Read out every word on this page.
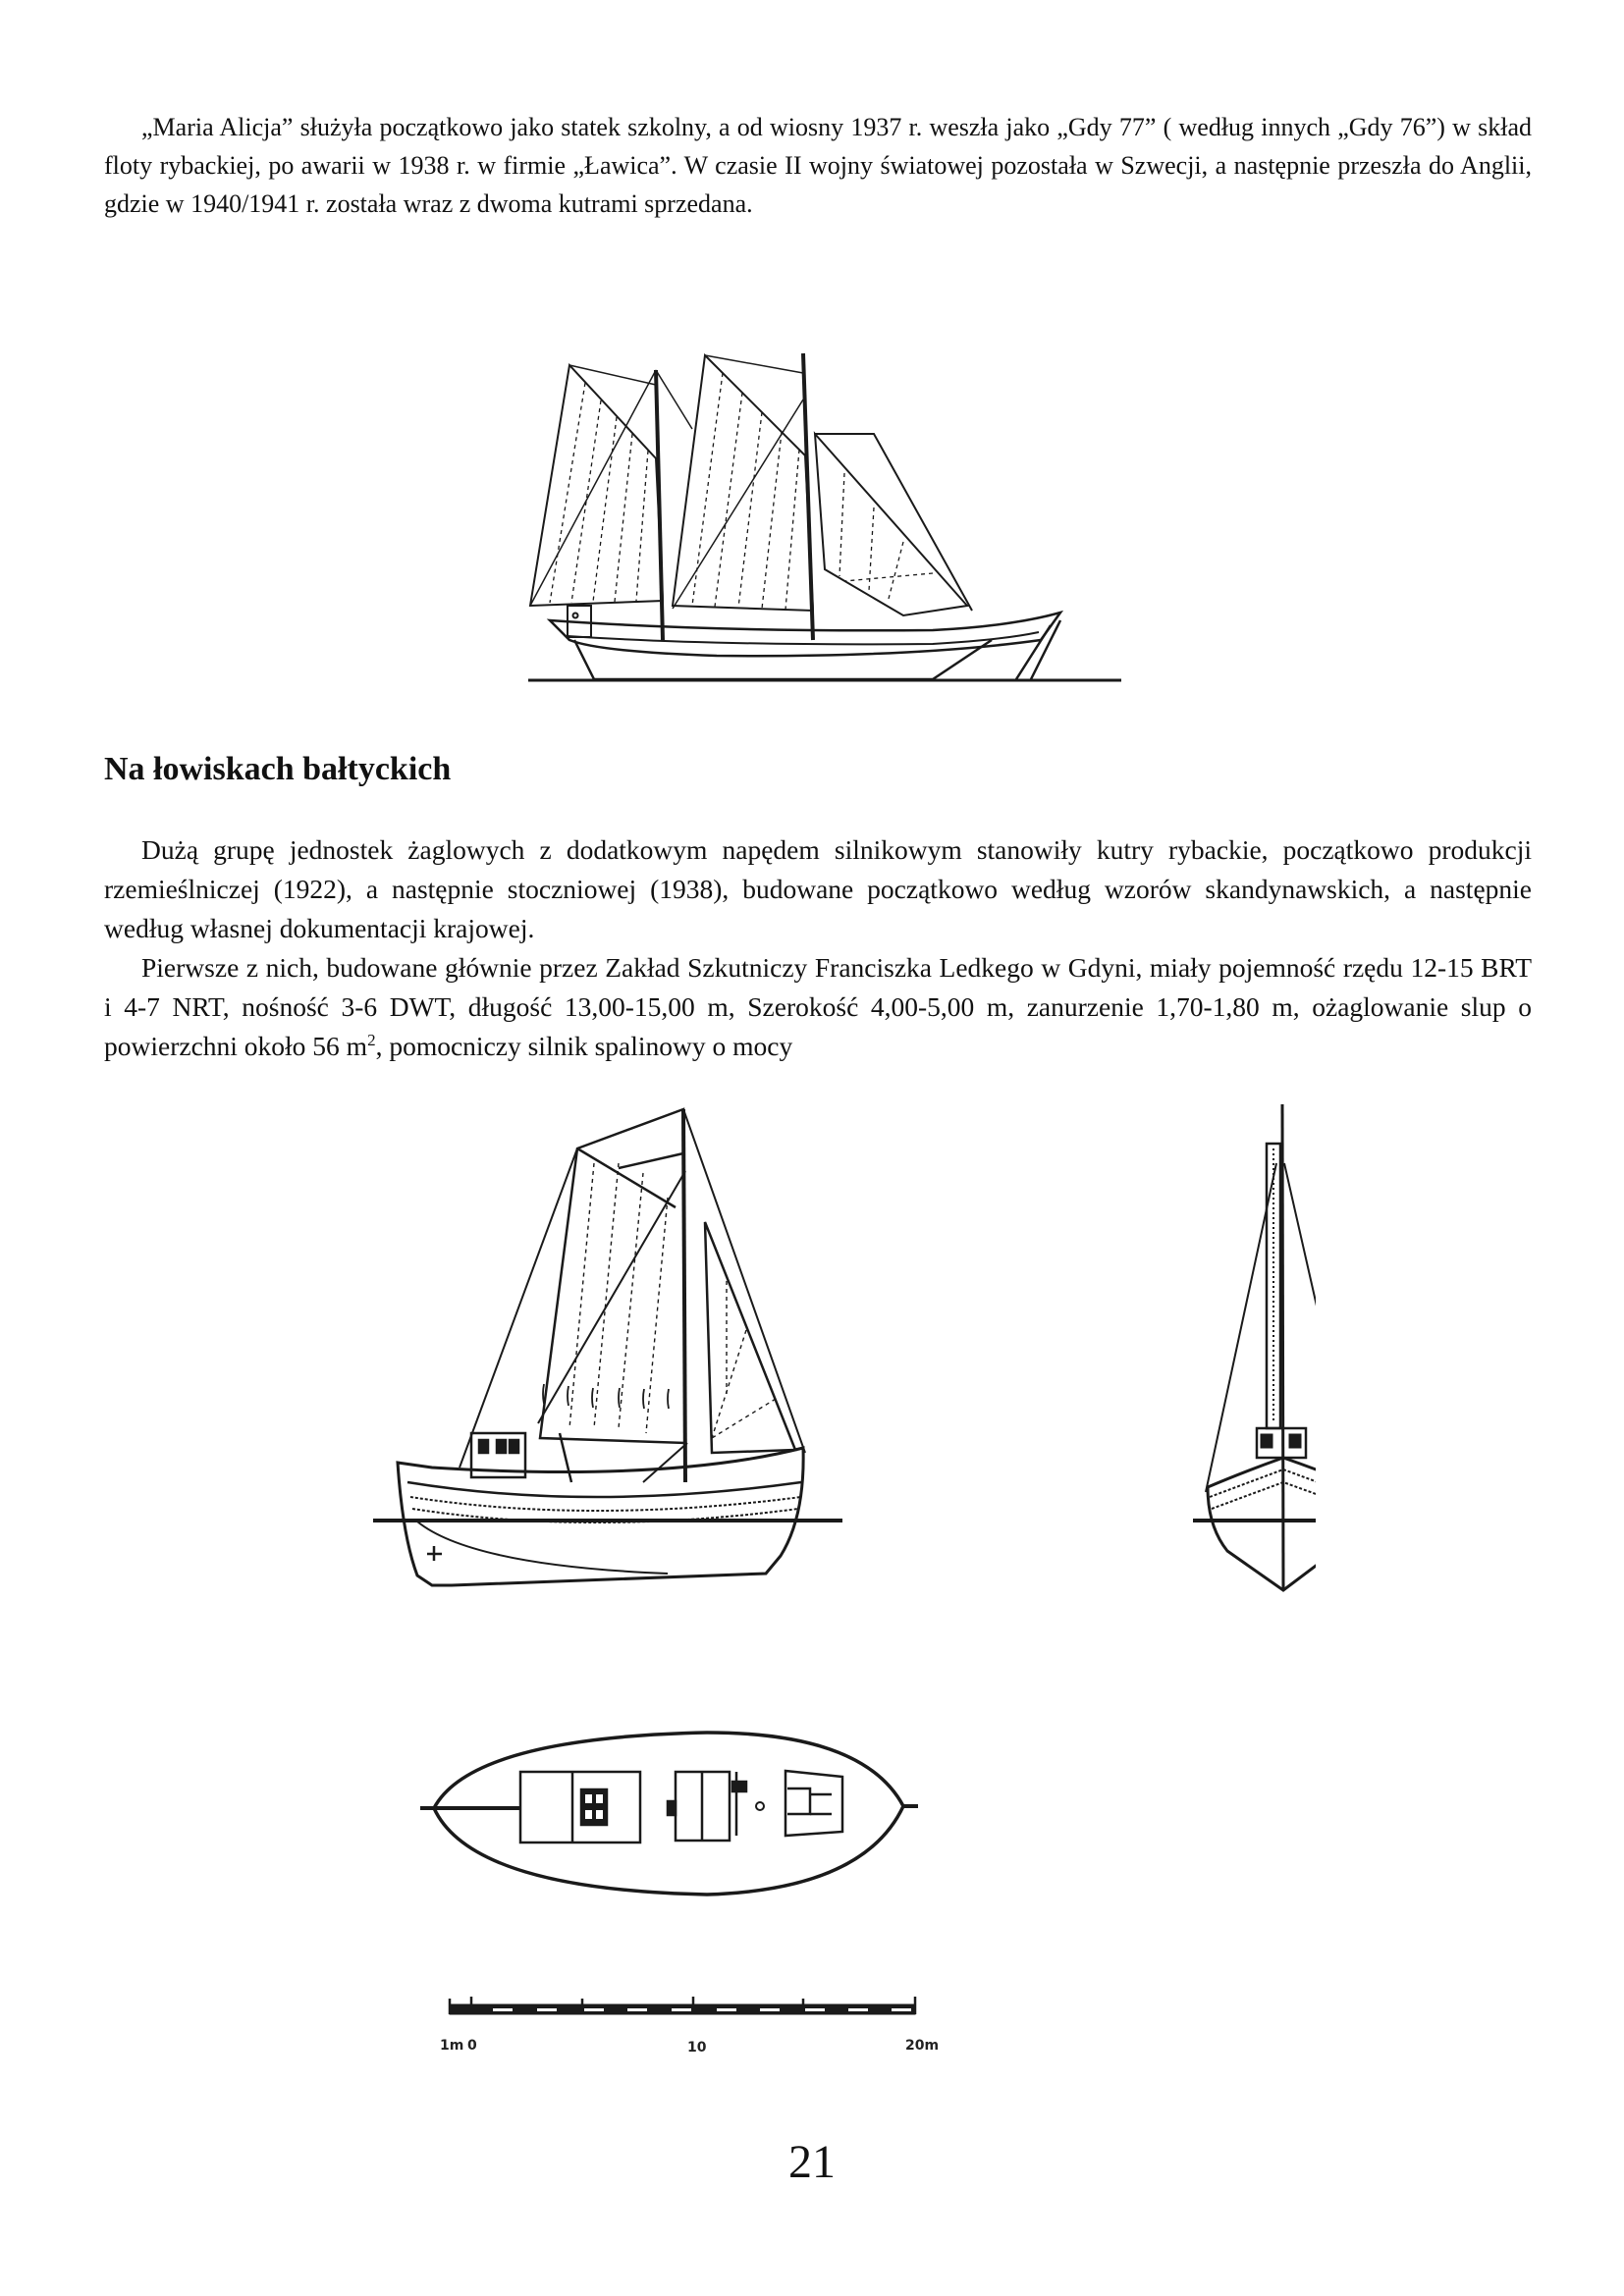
„Maria Alicja” służyła początkowo jako statek szkolny, a od wiosny 1937 r. weszła jako „Gdy 77” ( według innych „Gdy 76”) w skład floty rybackiej, po awarii w 1938 r. w firmie „Ławica”. W czasie II wojny światowej pozostała w Szwecji, a następnie przeszła do Anglii, gdzie w 1940/1941 r. została wraz z dwoma kutrami sprzedana.

Na łowiskach bałtyckich

Dużą grupę jednostek żaglowych z dodatkowym napędem silnikowym stanowiły kutry rybackie, początkowo produkcji rzemieślniczej (1922), a następnie stoczniowej (1938), budowane początkowo według wzorów skandynawskich, a następnie według własnej dokumentacji krajowej.

Pierwsze z nich, budowane głównie przez Zakład Szkutniczy Franciszka Ledkego w Gdyni, miały pojemność rzędu 12-15 BRT i 4-7 NRT, nośność 3-6 DWT, długość 13,00-15,00 m, Szerokość 4,00-5,00 m, zanurzenie 1,70-1,80 m, ożaglowanie slup o powierzchni około 56 $m^2$, pomocniczy silnik spalinowy o mocy

1m 0	10	20m

21
